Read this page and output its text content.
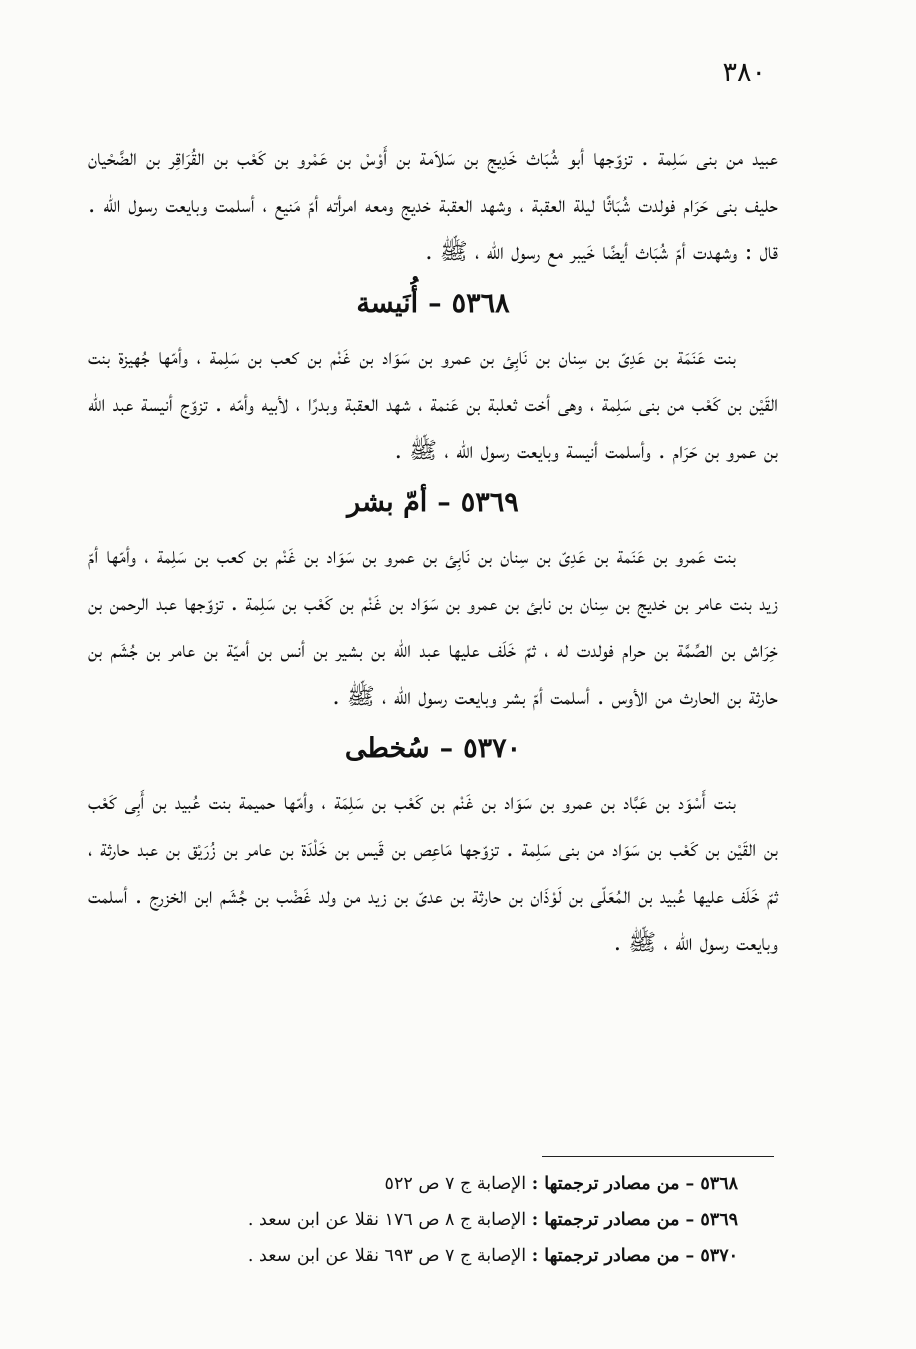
٣٨٠

عبيد من بنى سَلِمة . تزوّجها أبو شُبَاث خَدِيج بن سَلاَمة بن أَوْسْ بن عَمْرو بن كَعْب بن القُرَاقِر بن الضَّحْيان حليف بنى حَرَام فولدت شُبَاثًا ليلة العقبة ، وشهد العقبة خديج ومعه امرأته أمّ مَنيع ، أسلمت وبايعت رسول الله . قال : وشهدت أمّ شُبَاث أيضًا خَيبر مع رسول الله ، ﷺ .

٥٣٦٨–أُنَيسة

بنت عَنَمَة بن عَدِىّ بن سِنان بن نَابِئ بن عمرو بن سَوَاد بن غَنْم بن كعب بن سَلِمة ، وأمّها جُهيزة بنت القَيْن بن كَعْب من بنى سَلِمة ، وهى أخت ثعلبة بن عَنمة ، شهد العقبة وبدرًا ، لأبيه وأمّه . تزوّج أنيسة عبد الله بن عمرو بن حَرَام . وأسلمت أنيسة وبايعت رسول الله ، ﷺ .

٥٣٦٩–أمّ بشر

بنت عَمرو بن عَنَمة بن عَدِىّ بن سِنان بن نَابِئ بن عمرو بن سَوَاد بن غَنْم بن كعب بن سَلِمة ، وأمّها أمّ زيد بنت عامر بن خديج بن سِنان بن نابئ بن عمرو بن سَوَاد بن غَنْم بن كَعْب بن سَلِمة . تزوّجها عبد الرحمن بن خِرَاش بن الصِّمَّة بن حرام فولدت له ، ثمّ خَلَف عليها عبد الله بن بشير بن أنس بن أميّة بن عامر بن جُشَم بن حارثة بن الحارث من الأوس . أسلمت أمّ بشر وبايعت رسول الله ، ﷺ .

٥٣٧٠–سُخطى

بنت أَسْوَد بن عَبَّاد بن عمرو بن سَوَاد بن غَنْم بن كَعْب بن سَلِمَة ، وأمّها حميمة بنت عُبيد بن أَبِى كَعْب بن القَيْن بن كَعْب بن سَوَاد من بنى سَلِمة . تزوّجها مَاعِص بن قَيس بن خَلْدَة بن عامر بن زُرَيْق بن عبد حارثة ، ثمّ خَلَف عليها عُبيد بن المُعَلّى بن لَوْذَان بن حارثة بن عدىّ بن زيد من ولد غَضْب بن جُشَم ابن الخزرج . أسلمت وبايعت رسول الله ، ﷺ .

٥٣٦٨ – من مصادر ترجمتها : الإصابة ج ٧ ص ٥٢٢

٥٣٦٩ – من مصادر ترجمتها : الإصابة ج ٨ ص ١٧٦ نقلا عن ابن سعد .

٥٣٧٠ – من مصادر ترجمتها : الإصابة ج ٧ ص ٦٩٣ نقلا عن ابن سعد .
